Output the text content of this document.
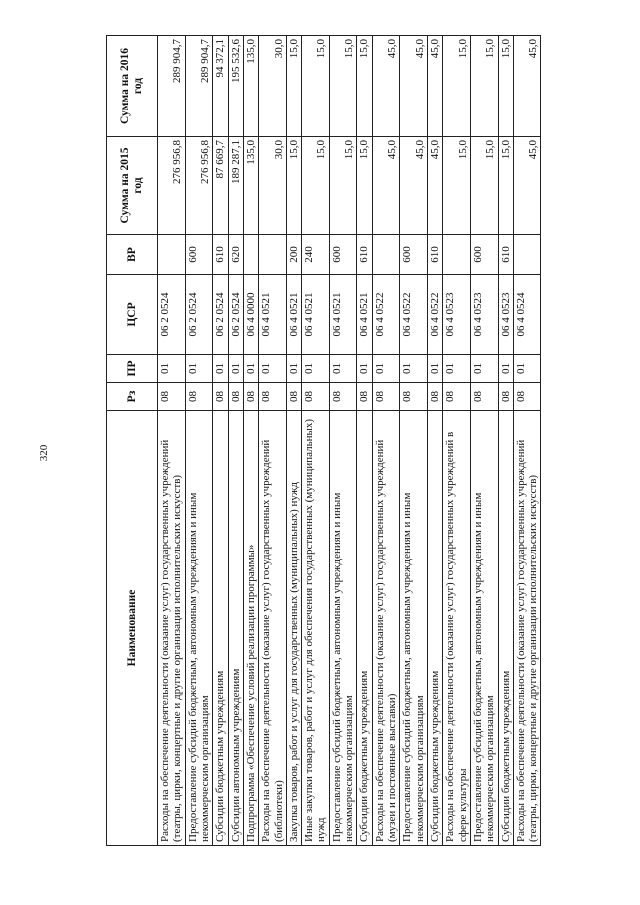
320
Наименование	Рз	ПР	ЦСР	ВР	Сумма на 2015 год	Сумма на 2016 год
Расходы на обеспечение деятельности (оказание услуг) государственных учреждений (театры, цирки, концертные и другие организации исполнительских искусств)	08	01	06 2 0524		276 956,8	289 904,7
Предоставление субсидий бюджетным, автономным учреждениям и иным некоммерческим организациям	08	01	06 2 0524	600	276 956,8	289 904,7
Субсидии бюджетным учреждениям	08	01	06 2 0524	610	87 669,7	94 372,1
Субсидии автономным учреждениям	08	01	06 2 0524	620	189 287,1	195 532,6
Подпрограмма «Обеспечение условий реализации программы»	08	01	06 4 0000		135,0	135,0
Расходы на обеспечение деятельности (оказание услуг) государственных учреждений (библиотеки)	08	01	06 4 0521		30,0	30,0
Закупка товаров, работ и услуг для государственных (муниципальных) нужд	08	01	06 4 0521	200	15,0	15,0
Иные закупки товаров, работ и услуг для обеспечения государственных (муниципальных) нужд	08	01	06 4 0521	240	15,0	15,0
Предоставление субсидий бюджетным, автономным учреждениям и иным некоммерческим организациям	08	01	06 4 0521	600	15,0	15,0
Субсидии бюджетным учреждениям	08	01	06 4 0521	610	15,0	15,0
Расходы на обеспечение деятельности (оказание услуг) государственных учреждений (музеи и постоянные выставки)	08	01	06 4 0522		45,0	45,0
Предоставление субсидий бюджетным, автономным учреждениям и иным некоммерческим организациям	08	01	06 4 0522	600	45,0	45,0
Субсидии бюджетным учреждениям	08	01	06 4 0522	610	45,0	45,0
Расходы на обеспечение деятельности (оказание услуг) государственных учреждений в сфере культуры	08	01	06 4 0523		15,0	15,0
Предоставление субсидий бюджетным, автономным учреждениям и иным некоммерческим организациям	08	01	06 4 0523	600	15,0	15,0
Субсидии бюджетным учреждениям	08	01	06 4 0523	610	15,0	15,0
Расходы на обеспечение деятельности (оказание услуг) государственных учреждений (театры, цирки, концертные и другие организации исполнительских искусств)	08	01	06 4 0524		45,0	45,0
